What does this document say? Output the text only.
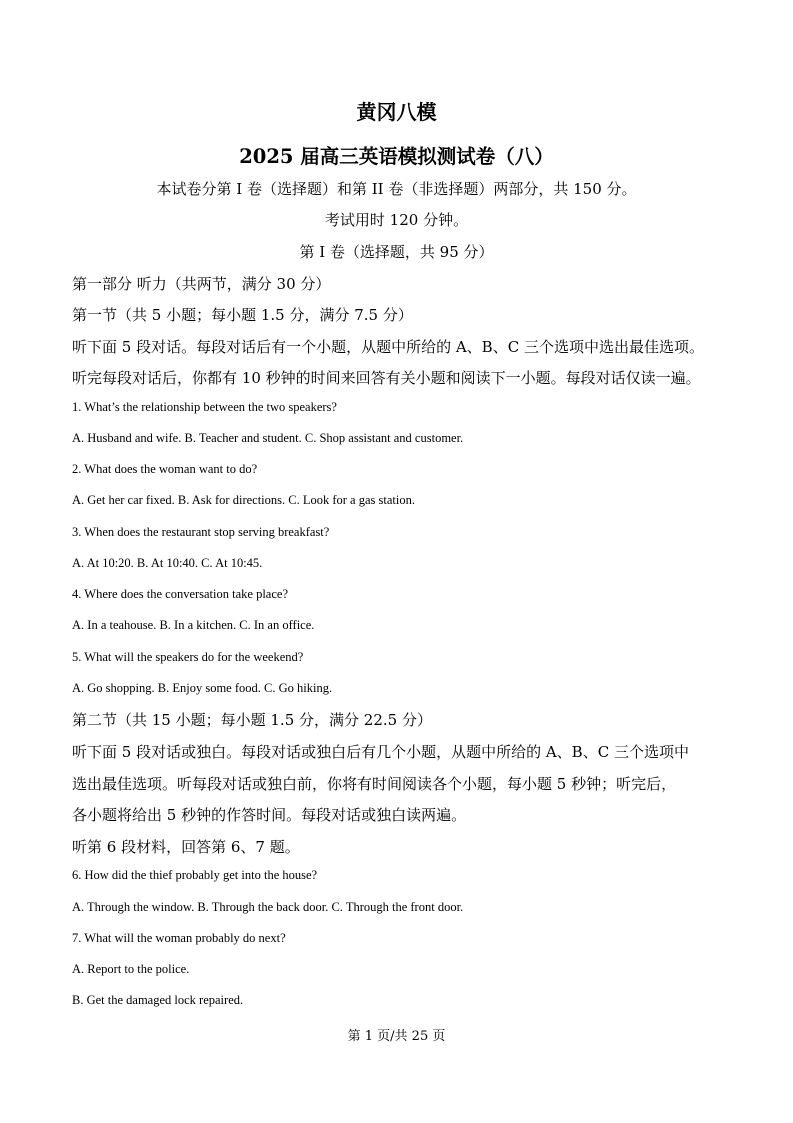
黄冈八模
2025 届高三英语模拟测试卷（八）
本试卷分第 I 卷（选择题）和第 II 卷（非选择题）两部分，共 150 分。
考试用时 120 分钟。
第 I 卷（选择题，共 95 分）
第一部分 听力（共两节，满分 30 分）
第一节（共 5 小题；每小题 1.5 分，满分 7.5 分）
听下面 5 段对话。每段对话后有一个小题，从题中所给的 A、B、C 三个选项中选出最佳选项。
听完每段对话后，你都有 10 秒钟的时间来回答有关小题和阅读下一小题。每段对话仅读一遍。
1. What’s the relationship between the two speakers?
A. Husband and wife. B. Teacher and student. C. Shop assistant and customer.
2. What does the woman want to do?
A. Get her car fixed. B. Ask for directions. C. Look for a gas station.
3. When does the restaurant stop serving breakfast?
A. At 10:20. B. At 10:40. C. At 10:45.
4. Where does the conversation take place?
A. In a teahouse. B. In a kitchen. C. In an office.
5. What will the speakers do for the weekend?
A. Go shopping. B. Enjoy some food. C. Go hiking.
第二节（共 15 小题；每小题 1.5 分，满分 22.5 分）
听下面 5 段对话或独白。每段对话或独白后有几个小题，从题中所给的 A、B、C 三个选项中
选出最佳选项。听每段对话或独白前，你将有时间阅读各个小题，每小题 5 秒钟；听完后，
各小题将给出 5 秒钟的作答时间。每段对话或独白读两遍。
听第 6 段材料，回答第 6、7 题。
6. How did the thief probably get into the house?
A. Through the window. B. Through the back door. C. Through the front door.
7. What will the woman probably do next?
A. Report to the police.
B. Get the damaged lock repaired.
第 1 页/共 25 页
